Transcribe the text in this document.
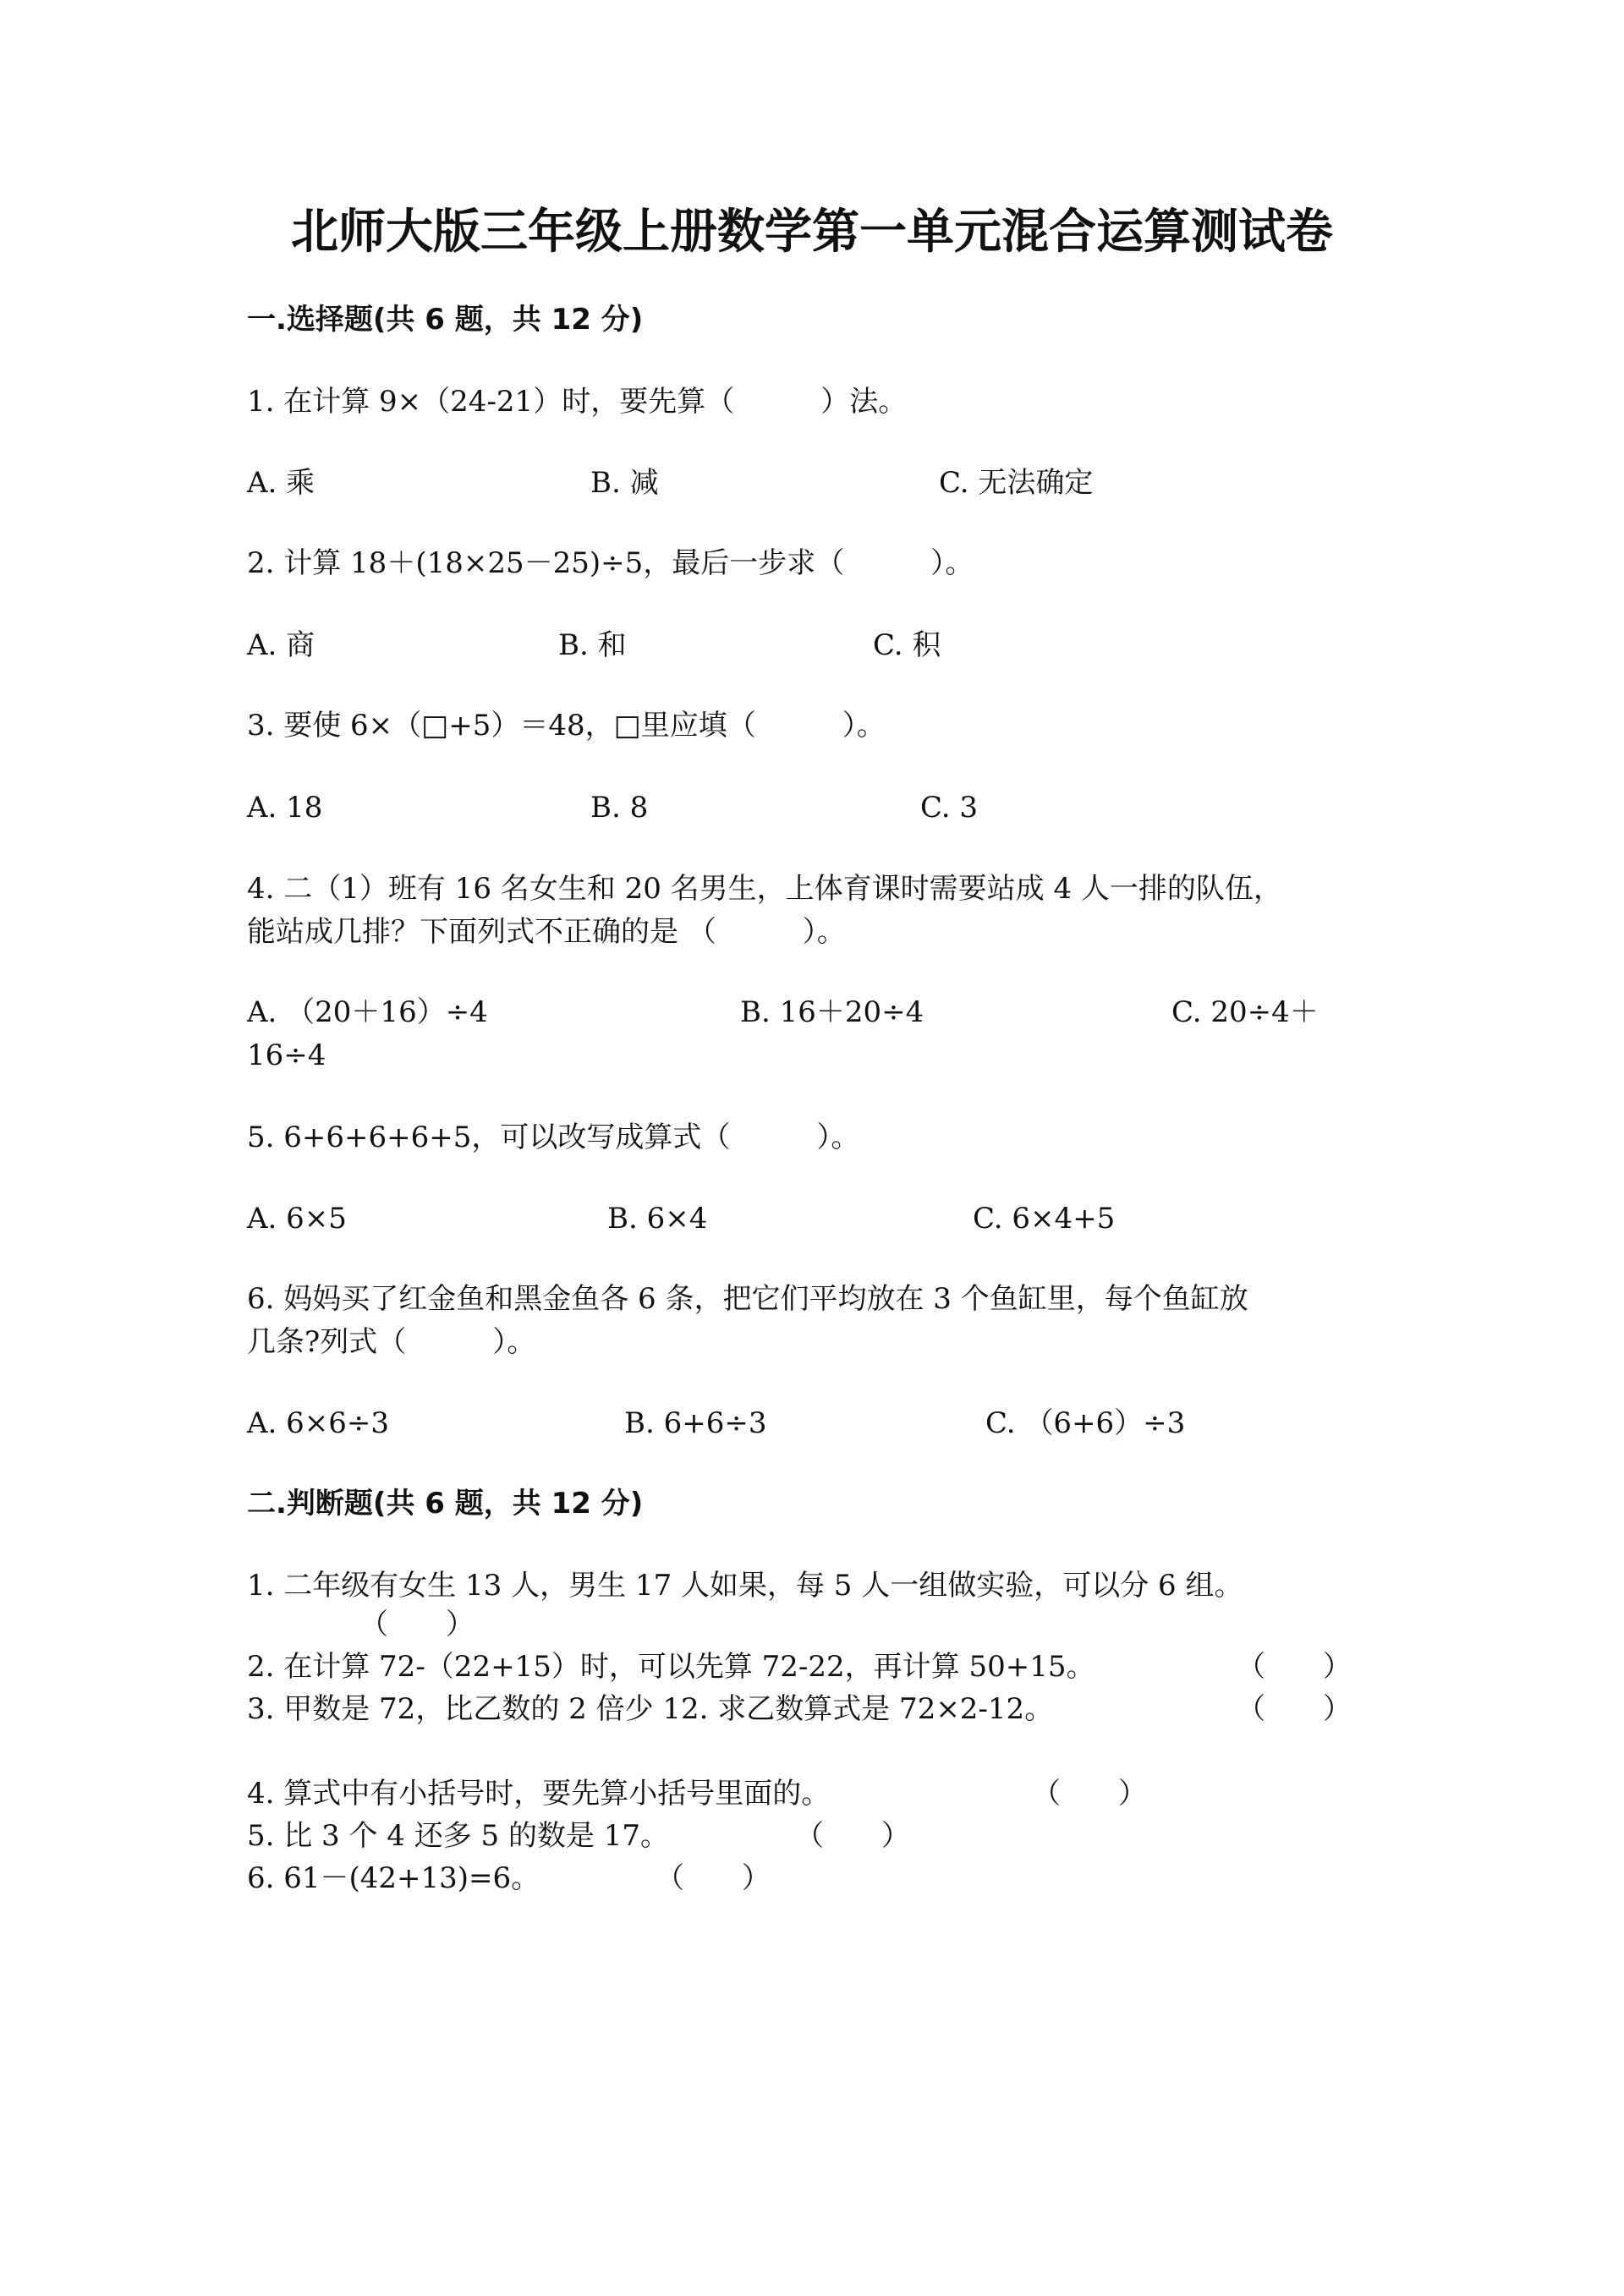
北师大版三年级上册数学第一单元混合运算测试卷
一.选择题(共 6 题，共 12 分)
1. 在计算 9×（24-21）时，要先算（　　　）法。
A. 乘	B. 减	C. 无法确定
2. 计算 18＋(18×25－25)÷5，最后一步求（　　　）。
A. 商	B. 和	C. 积
3. 要使 6×（□+5）＝48，□里应填（　　　）。
A. 18	B. 8	C. 3
4. 二（1）班有 16 名女生和 20 名男生，上体育课时需要站成 4 人一排的队伍，
能站成几排？下面列式不正确的是 （　　　）。
A. （20＋16）÷4	B. 16＋20÷4	C. 20÷4＋
16÷4
5. 6+6+6+6+5，可以改写成算式（　　　）。
A. 6×5	B. 6×4	C. 6×4+5
6. 妈妈买了红金鱼和黑金鱼各 6 条，把它们平均放在 3 个鱼缸里，每个鱼缸放
几条?列式（　　　）。
A. 6×6÷3	B. 6+6÷3	C. （6+6）÷3
二.判断题(共 6 题，共 12 分)
1. 二年级有女生 13 人，男生 17 人如果，每 5 人一组做实验，可以分 6 组。
（　　）
2. 在计算 72-（22+15）时，可以先算 72-22，再计算 50+15。	（　　）
3. 甲数是 72，比乙数的 2 倍少 12. 求乙数算式是 72×2-12。	（　　）
4. 算式中有小括号时，要先算小括号里面的。	（　　）
5. 比 3 个 4 还多 5 的数是 17。	（　　）
6. 61－(42+13)=6。	（　　）
